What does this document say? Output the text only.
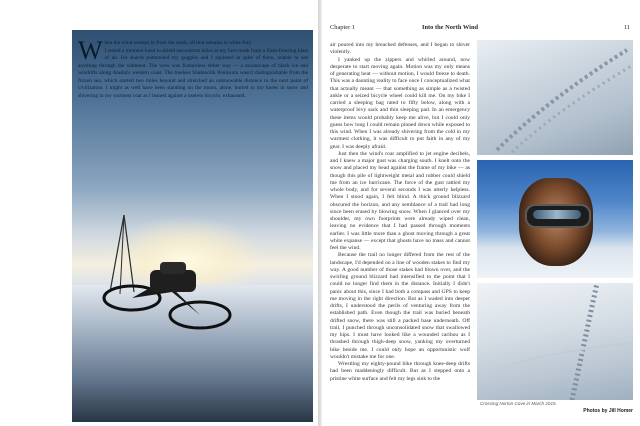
W hen the wind sweeps in from the earth, all that remains is white fury.
I rested a moment hand to shield snowstorm holes at my face mask from a flash-freezing blast of air. Ice shards pummeled my goggles and I squinted in spite of them, unable to see anything through the whiteout. The view was featureless either way — a moonscape of black ice and windrifts along Alaska's western coast. The treeless Shaktoolik Peninsula wasn't distinguishable from the frozen sea, which started two miles beyond and stretched an unknowable distance to the next point of civilization. I might as well have been standing on the moon, alone, buried to my knees in snow and shivering in my warmest coat as I leaned against a useless bicycle, exhausted.
Chapter 1	Into the North Wind	11

air poured into my breached defenses, and I began to shiver violently.

I yanked up the zippers and whirled around, now desperate to start moving again. Motion was my only means of generating heat — without motion, I would freeze to death. This was a daunting reality to face once I conceptualized what that actually meant — that something as simple as a twisted ankle or a seized bicycle wheel could kill me. On my bike I carried a sleeping bag rated to fifty below, along with a waterproof bivy sack and thin sleeping pad. In an emergency these items would probably keep me alive, but I could only guess how long I could remain pinned down while exposed to this wind. When I was already shivering from the cold in my warmest clothing, it was difficult to put faith in any of my gear. I was deeply afraid.

Just then the wind's roar amplified to jet engine decibels, and I knew a major gust was charging south. I knelt onto the snow and placed my head against the frame of my bike — as though this pile of lightweight metal and rubber could shield me from an ice hurricane. The force of the gust rattled my whole body, and for several seconds I was utterly helpless. When I stood again, I felt blind. A thick ground blizzard obscured the horizon, and any semblance of a trail had long since been erased by blowing snow. When I glanced over my shoulder, my own footprints were already wiped clean, leaving no evidence that I had passed through moments earlier. I was little more than a ghost moving through a great white expanse — except that ghosts have no mass and cannot feel the wind.

Because the trail no longer differed from the rest of the landscape, I'd depended on a line of wooden stakes to find my way. A good number of those stakes had blown over, and the swirling ground blizzard had intensified to the point that I could no longer find them in the distance. Initially I didn't panic about this, since I had both a compass and GPS to keep me moving in the right direction. But as I waded into deeper drifts, I understood the perils of venturing away from the established path. Even though the trail was buried beneath drifted snow, there was still a packed base underneath. Off trail, I punched through unconsolidated snow that swallowed my hips. I must have looked like a wounded caribou as I thrashed through thigh-deep snow, yanking my overturned bike beside me. I could only hope an opportunistic wolf wouldn't mistake me for one.

Wrestling my eighty-pound bike through knee-deep drifts had been maddeningly difficult. But as I stepped onto a pristine white surface and felt my legs sink to the

Crossing Norton Cove in March 2015.
Photos by Jill Homer
